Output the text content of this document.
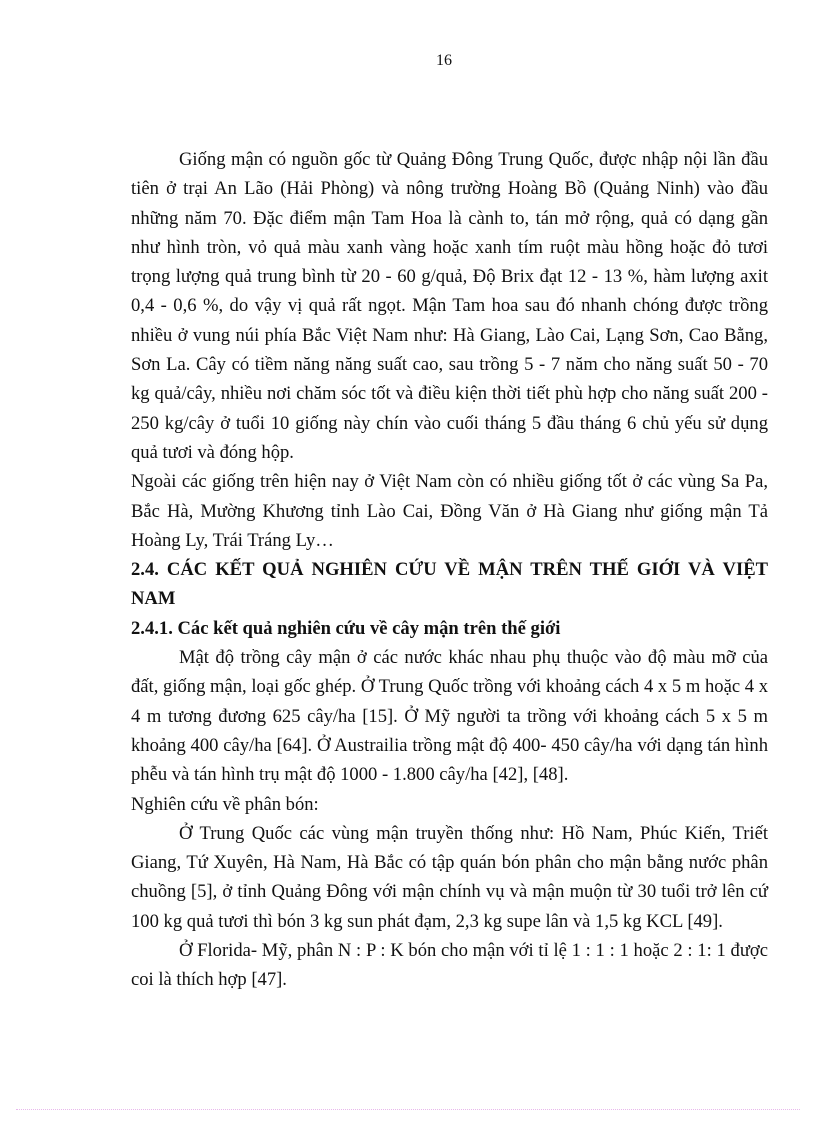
16

Giống mận có nguồn gốc từ Quảng Đông Trung Quốc, được nhập nội lần đầu tiên ở trại An Lão (Hải Phòng) và nông trường Hoàng Bồ (Quảng Ninh) vào đầu những năm 70. Đặc điểm mận Tam Hoa là cành to, tán mở rộng, quả có dạng gần như hình tròn, vỏ quả màu xanh vàng hoặc xanh tím ruột màu hồng hoặc đỏ tươi trọng lượng quả trung bình từ 20 - 60 g/quả, Độ Brix đạt 12 - 13 %, hàm lượng axit 0,4 - 0,6 %, do vậy vị quả rất ngọt. Mận Tam hoa sau đó nhanh chóng được trồng nhiều ở vung núi phía Bắc Việt Nam như: Hà Giang, Lào Cai, Lạng Sơn, Cao Bằng, Sơn La. Cây có tiềm năng năng suất cao, sau trồng 5 - 7 năm cho năng suất 50 - 70 kg quả/cây, nhiều nơi chăm sóc tốt và điều kiện thời tiết phù hợp cho năng suất 200 - 250 kg/cây ở tuổi 10 giống này chín vào cuối tháng 5 đầu tháng 6 chủ yếu sử dụng quả tươi và đóng hộp.

Ngoài các giống trên hiện nay ở Việt Nam còn có nhiều giống tốt ở các vùng Sa Pa, Bắc Hà, Mường Khương tỉnh Lào Cai, Đồng Văn ở Hà Giang như giống mận Tả Hoàng Ly, Trái Tráng Ly…

2.4. CÁC KẾT QUẢ NGHIÊN CỨU VỀ MẬN TRÊN THẾ GIỚI VÀ VIỆT NAM

2.4.1. Các kết quả nghiên cứu về cây mận trên thế giới

Mật độ trồng cây mận ở các nước khác nhau phụ thuộc vào độ màu mỡ của đất, giống mận, loại gốc ghép. Ở Trung Quốc trồng với khoảng cách 4 x 5 m hoặc 4 x 4 m tương đương 625 cây/ha [15]. Ở Mỹ người ta trồng với khoảng cách 5 x 5 m khoảng 400 cây/ha [64]. Ở Austrailia trồng mật độ 400- 450 cây/ha với dạng tán hình phễu và tán hình trụ mật độ 1000 - 1.800 cây/ha [42], [48].

Nghiên cứu về phân bón:

Ở Trung Quốc các vùng mận truyền thống như: Hồ Nam, Phúc Kiến, Triết Giang, Tứ Xuyên, Hà Nam, Hà Bắc có tập quán bón phân cho mận bằng nước phân chuồng [5], ở tỉnh Quảng Đông với mận chính vụ và mận muộn từ 30 tuổi trở lên cứ 100 kg quả tươi thì bón 3 kg sun phát đạm, 2,3 kg supe lân và 1,5 kg KCL [49].

Ở Florida- Mỹ, phân N : P : K bón cho mận với tỉ lệ 1 : 1 : 1 hoặc 2 : 1: 1 được coi là thích hợp [47].
